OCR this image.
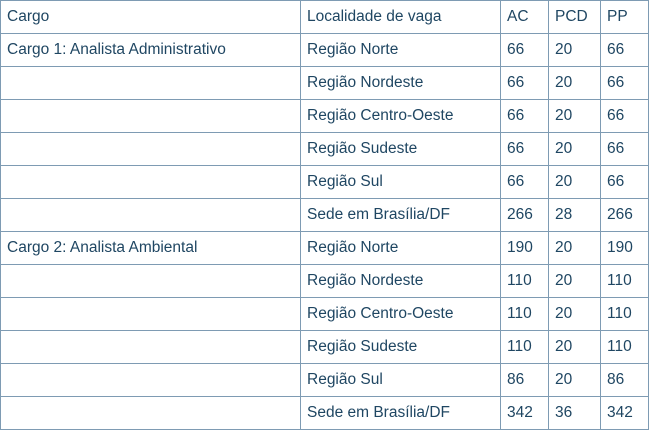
Cargo	Localidade de vaga	AC	PCD	PP
Cargo 1: Analista Administrativo	Região Norte	66	20	66
	Região Nordeste	66	20	66
	Região Centro-Oeste	66	20	66
	Região Sudeste	66	20	66
	Região Sul	66	20	66
	Sede em Brasília/DF	266	28	266
Cargo 2: Analista Ambiental	Região Norte	190	20	190
	Região Nordeste	110	20	110
	Região Centro-Oeste	110	20	110
	Região Sudeste	110	20	110
	Região Sul	86	20	86
	Sede em Brasília/DF	342	36	342
